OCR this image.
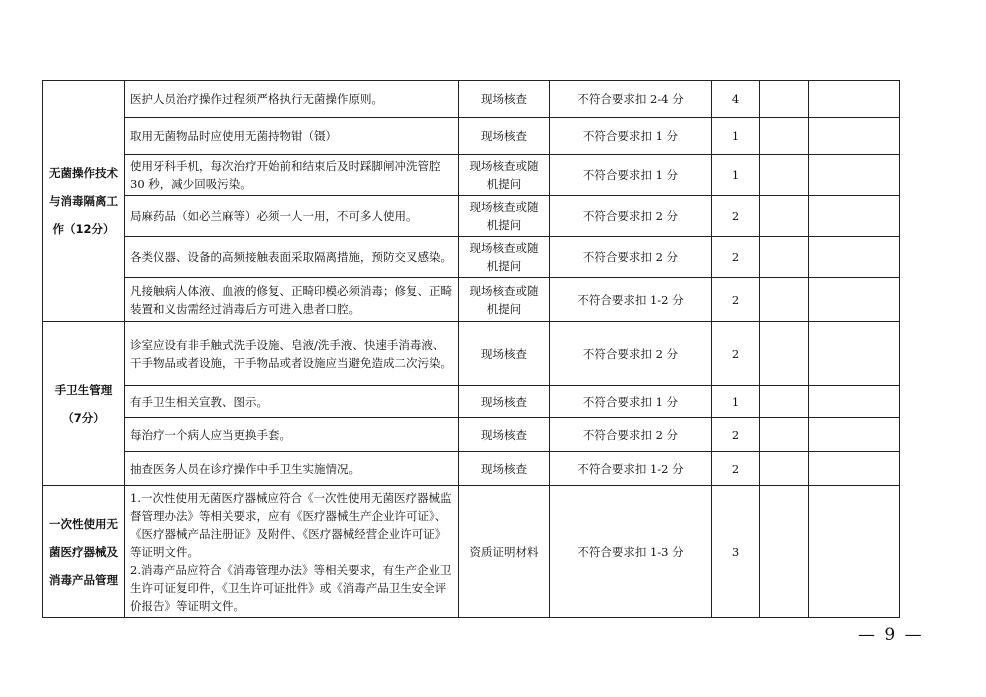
无菌操作技术与消毒隔离工作（12分）	医护人员治疗操作过程须严格执行无菌操作原则。	现场核查	不符合要求扣 2-4 分	4		
	取用无菌物品时应使用无菌持物钳（镊）	现场核查	不符合要求扣 1 分	1		
	使用牙科手机，每次治疗开始前和结束后及时踩脚闸冲洗管腔 30 秒，减少回吸污染。	现场核查或随机提问	不符合要求扣 1 分	1		
	局麻药品（如必兰麻等）必须一人一用，不可多人使用。	现场核查或随机提问	不符合要求扣 2 分	2		
	各类仪器、设备的高频接触表面采取隔离措施，预防交叉感染。	现场核查或随机提问	不符合要求扣 2 分	2		
	凡接触病人体液、血液的修复、正畸印模必须消毒；修复、正畸装置和义齿需经过消毒后方可进入患者口腔。	现场核查或随机提问	不符合要求扣 1-2 分	2		
手卫生管理（7分）	诊室应设有非手触式洗手设施、皂液/洗手液、快速手消毒液、干手物品或者设施，干手物品或者设施应当避免造成二次污染。	现场核查	不符合要求扣 2 分	2		
	有手卫生相关宣教、图示。	现场核查	不符合要求扣 1 分	1		
	每治疗一个病人应当更换手套。	现场核查	不符合要求扣 2 分	2		
	抽查医务人员在诊疗操作中手卫生实施情况。	现场核查	不符合要求扣 1-2 分	2		
一次性使用无菌医疗器械及消毒产品管理	1.一次性使用无菌医疗器械应符合《一次性使用无菌医疗器械监督管理办法》等相关要求，应有《医疗器械生产企业许可证》、《医疗器械产品注册证》及附件、《医疗器械经营企业许可证》等证明文件。
2.消毒产品应符合《消毒管理办法》等相关要求，有生产企业卫生许可证复印件，《卫生许可证批件》或《消毒产品卫生安全评价报告》等证明文件。	资质证明材料	不符合要求扣 1-3 分	3		
— 9 —
